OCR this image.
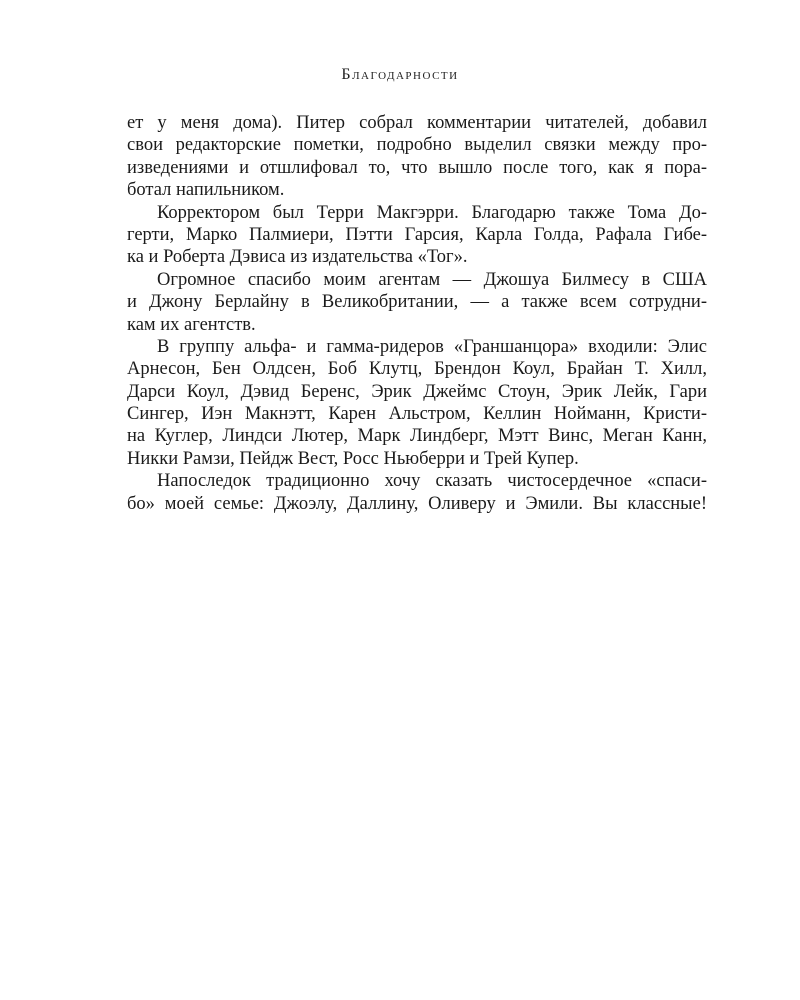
Благодарности
ет у меня дома). Питер собрал комментарии читателей, добавил
свои редакторские пометки, подробно выделил связки между про-
изведениями и отшлифовал то, что вышло после того, как я пора-
ботал напильником.
Корректором был Терри Макгэрри. Благодарю также Тома До-
герти, Марко Палмиери, Пэтти Гарсия, Карла Голда, Рафала Гибе-
ка и Роберта Дэвиса из издательства «Тог».
Огромное спасибо моим агентам — Джошуа Билмесу в США
и Джону Берлайну в Великобритании, — а также всем сотрудни-
кам их агентств.
В группу альфа- и гамма-ридеров «Граншанцора» входили: Элис
Арнесон, Бен Олдсен, Боб Клутц, Брендон Коул, Брайан Т. Хилл,
Дарси Коул, Дэвид Беренс, Эрик Джеймс Стоун, Эрик Лейк, Гари
Сингер, Иэн Макнэтт, Карен Альстром, Келлин Нойманн, Кристи-
на Куглер, Линдси Лютер, Марк Линдберг, Мэтт Винс, Меган Канн,
Никки Рамзи, Пейдж Вест, Росс Ньюберри и Трей Купер.
Напоследок традиционно хочу сказать чистосердечное «спаси-
бо» моей семье: Джоэлу, Даллину, Оливеру и Эмили. Вы классные!
